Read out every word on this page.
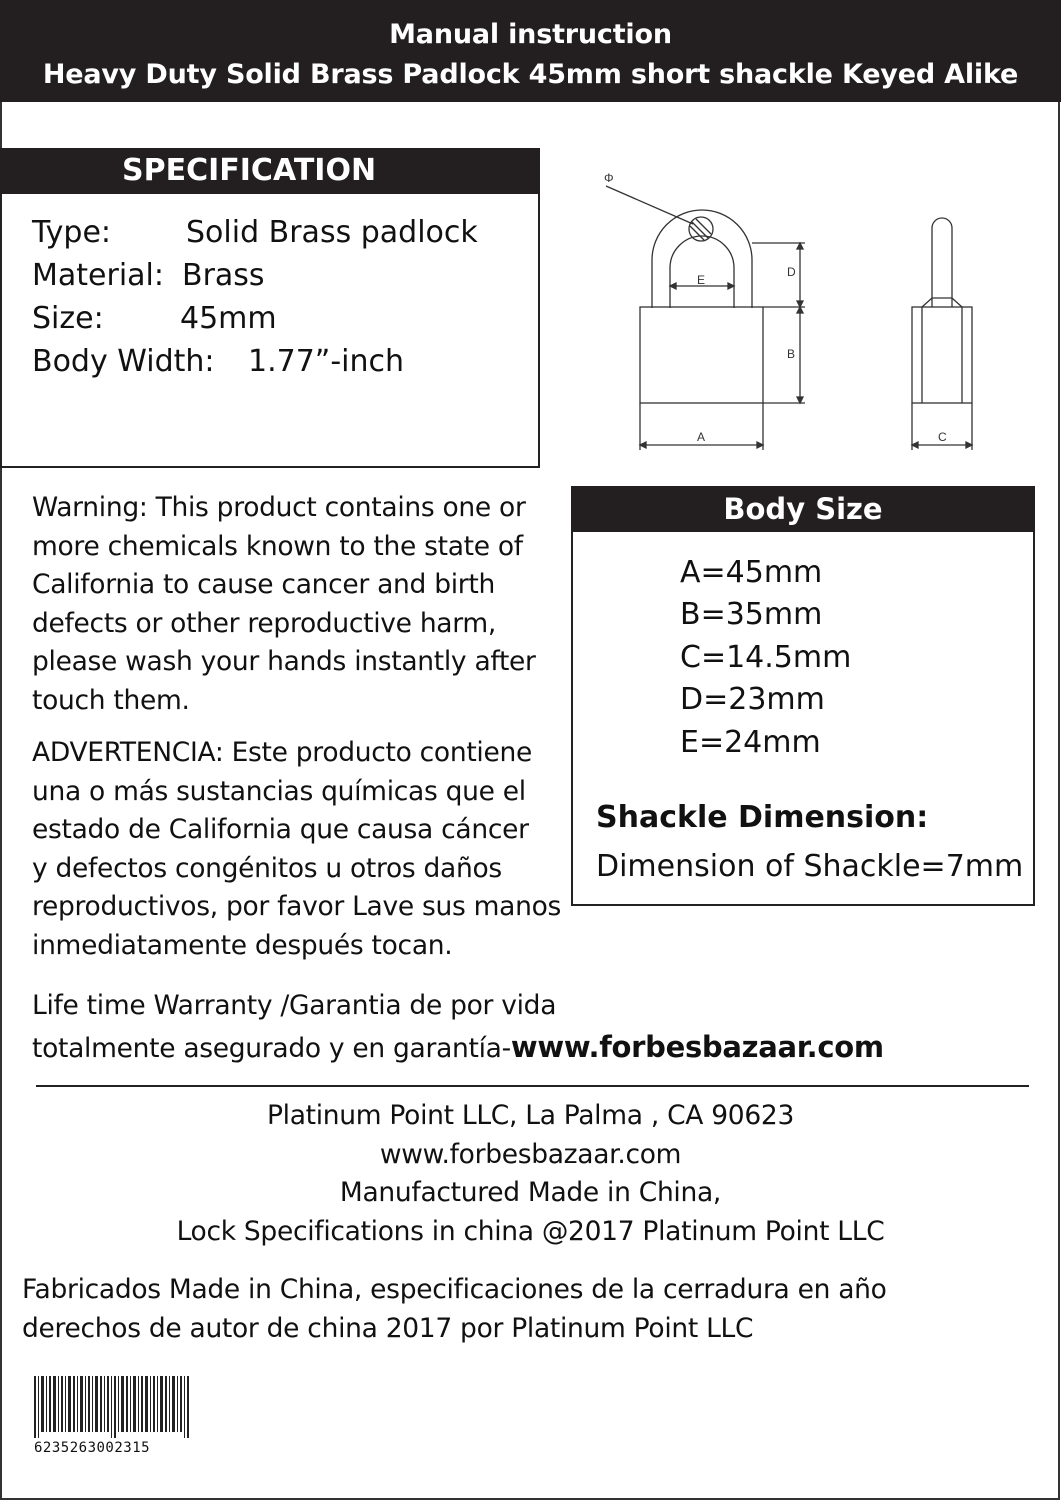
Manual instruction
Heavy Duty Solid Brass Padlock 45mm short shackle Keyed Alike
SPECIFICATION
Type: Solid Brass padlock
Material: Brass
Size:	45mm
Body Width: 1.77”-inch
Φ
E
D
B
A	C
Body Size
A=45mm
B=35mm
C=14.5mm
D=23mm
E=24mm
Shackle Dimension:
Dimension of Shackle=7mm
Warning: This product contains one or
more chemicals known to the state of
California to cause cancer and birth
defects or other reproductive harm,
please wash your hands instantly after
touch them.
ADVERTENCIA: Este producto contiene
una o más sustancias químicas que el
estado de California que causa cáncer
y defectos congénitos u otros daños
reproductivos, por favor Lave sus manos
inmediatamente después tocan.
Life time Warranty /Garantia de por vida
totalmente asegurado y en garantía-www.forbesbazaar.com
Platinum Point LLC, La Palma , CA 90623
www.forbesbazaar.com
Manufactured Made in China,
Lock Specifications in china @2017 Platinum Point LLC
Fabricados Made in China, especificaciones de la cerradura en año
derechos de autor de china 2017 por Platinum Point LLC
6235263002315
